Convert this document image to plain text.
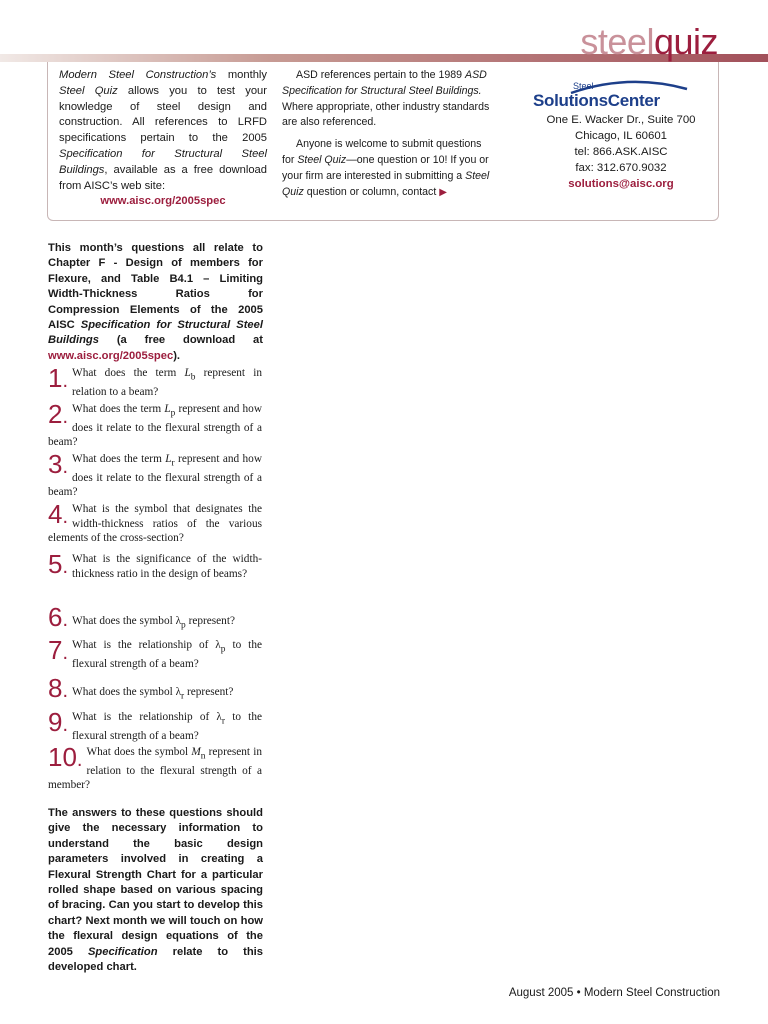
steelquiz

Modern Steel Construction’s monthly Steel Quiz allows you to test your knowledge of steel design and construction. All references to LRFD specifications pertain to the 2005 Specification for Structural Steel Buildings, available as a free download from AISC’s web site:

www.aisc.org/2005spec

ASD references pertain to the 1989 ASD Specification for Structural Steel Buildings. Where appropriate, other industry standards are also referenced.

Anyone is welcome to submit questions for Steel Quiz—one question or 10! If you or your firm are interested in submitting a Steel Quiz question or column, contact ▶

Steel
SolutionsCenter
One E. Wacker Dr., Suite 700
Chicago, IL 60601
tel: 866.ASK.AISC
fax: 312.670.9032
solutions@aisc.org

This month’s questions all relate to Chapter F - Design of members for Flexure, and Table B4.1 – Limiting Width-Thickness Ratios for Compression Elements of the 2005 AISC Specification for Structural Steel Buildings (a free download at www.aisc.org/2005spec).

1. What does the term $L_b$ represent in relation to a beam?

2. What does the term $L_p$ represent and how does it relate to the flexural strength of a beam?

3. What does the term $L_r$ represent and how does it relate to the flexural strength of a beam?

4. What is the symbol that designates the width-thickness ratios of the various elements of the cross-section?

5. What is the significance of the width-thickness ratio in the design of beams?

6. What does the symbol $\lambda_p$ represent?

7. What is the relationship of $\lambda_p$ to the flexural strength of a beam?

8. What does the symbol $\lambda_r$ represent?

9. What is the relationship of $\lambda_r$ to the flexural strength of a beam?

10. What does the symbol $M_n$ represent in relation to the flexural strength of a member?

The answers to these questions should give the necessary information to understand the basic design parameters involved in creating a Flexural Strength Chart for a particular rolled shape based on various spacing of bracing. Can you start to develop this chart? Next month we will touch on how the flexural design equations of the 2005 Specification relate to this developed chart.

August 2005 • Modern Steel Construction
